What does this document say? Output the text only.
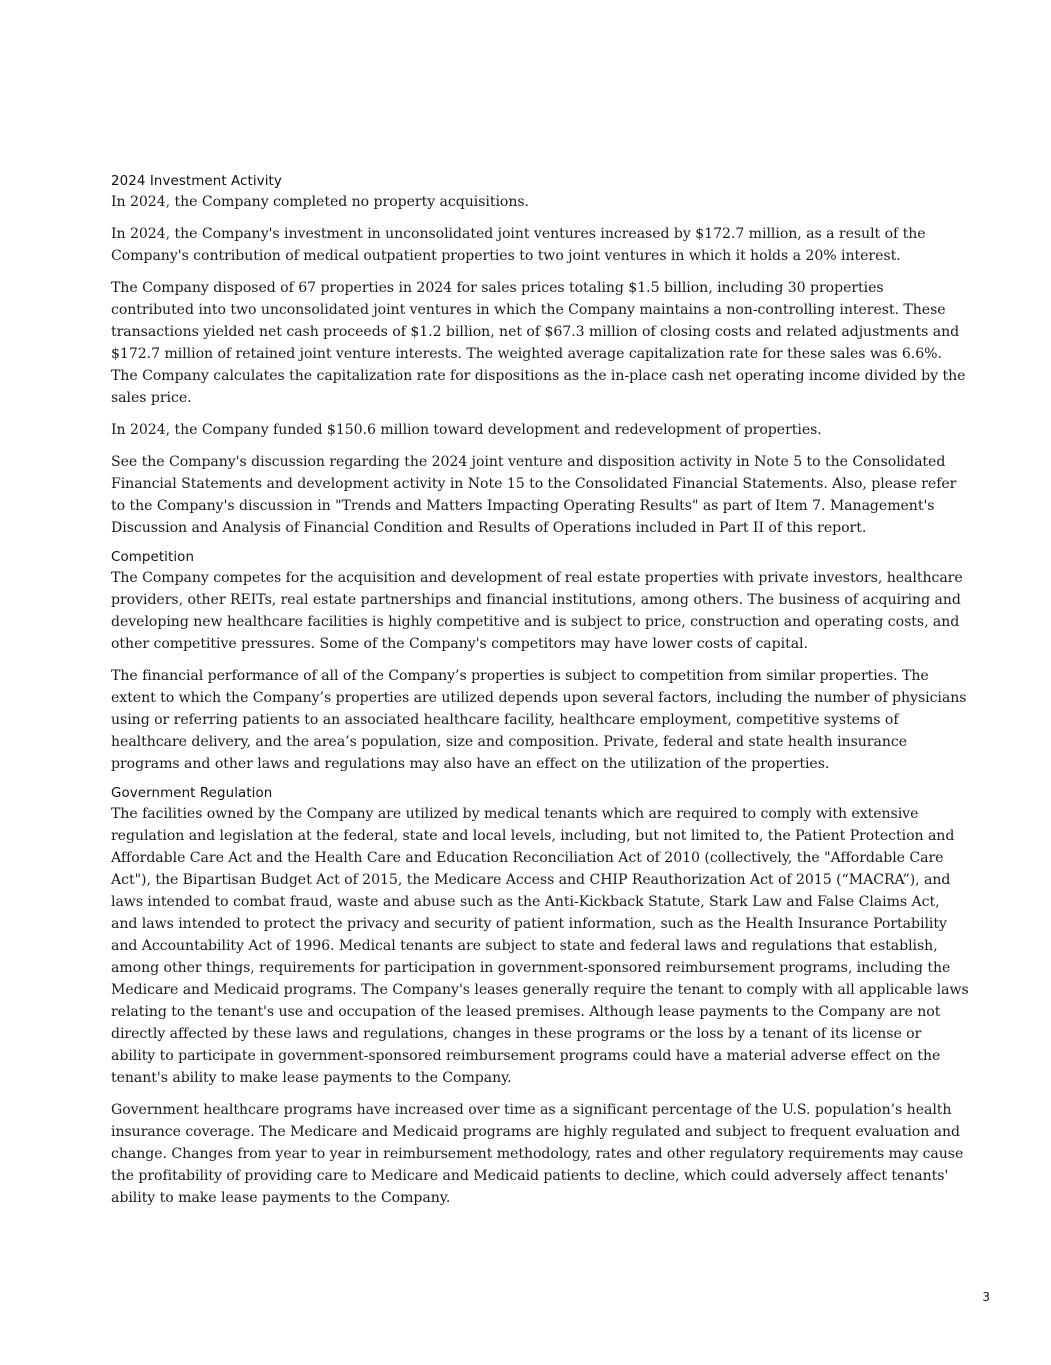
2024 Investment Activity

In 2024, the Company completed no property acquisitions.

In 2024, the Company's investment in unconsolidated joint ventures increased by $172.7 million, as a result of the Company's contribution of medical outpatient properties to two joint ventures in which it holds a 20% interest.

The Company disposed of 67 properties in 2024 for sales prices totaling $1.5 billion, including 30 properties contributed into two unconsolidated joint ventures in which the Company maintains a non-controlling interest. These transactions yielded net cash proceeds of $1.2 billion, net of $67.3 million of closing costs and related adjustments and $172.7 million of retained joint venture interests. The weighted average capitalization rate for these sales was 6.6%. The Company calculates the capitalization rate for dispositions as the in-place cash net operating income divided by the sales price.

In 2024, the Company funded $150.6 million toward development and redevelopment of properties.

See the Company's discussion regarding the 2024 joint venture and disposition activity in Note 5 to the Consolidated Financial Statements and development activity in Note 15 to the Consolidated Financial Statements. Also, please refer to the Company's discussion in "Trends and Matters Impacting Operating Results" as part of Item 7. Management's Discussion and Analysis of Financial Condition and Results of Operations included in Part II of this report.

Competition

The Company competes for the acquisition and development of real estate properties with private investors, healthcare providers, other REITs, real estate partnerships and financial institutions, among others. The business of acquiring and developing new healthcare facilities is highly competitive and is subject to price, construction and operating costs, and other competitive pressures. Some of the Company's competitors may have lower costs of capital.

The financial performance of all of the Company’s properties is subject to competition from similar properties. The extent to which the Company’s properties are utilized depends upon several factors, including the number of physicians using or referring patients to an associated healthcare facility, healthcare employment, competitive systems of healthcare delivery, and the area’s population, size and composition. Private, federal and state health insurance programs and other laws and regulations may also have an effect on the utilization of the properties.

Government Regulation

The facilities owned by the Company are utilized by medical tenants which are required to comply with extensive regulation and legislation at the federal, state and local levels, including, but not limited to, the Patient Protection and Affordable Care Act and the Health Care and Education Reconciliation Act of 2010 (collectively, the "Affordable Care Act"), the Bipartisan Budget Act of 2015, the Medicare Access and CHIP Reauthorization Act of 2015 (“MACRA”), and laws intended to combat fraud, waste and abuse such as the Anti-Kickback Statute, Stark Law and False Claims Act, and laws intended to protect the privacy and security of patient information, such as the Health Insurance Portability and Accountability Act of 1996. Medical tenants are subject to state and federal laws and regulations that establish, among other things, requirements for participation in government-sponsored reimbursement programs, including the Medicare and Medicaid programs. The Company's leases generally require the tenant to comply with all applicable laws relating to the tenant's use and occupation of the leased premises. Although lease payments to the Company are not directly affected by these laws and regulations, changes in these programs or the loss by a tenant of its license or ability to participate in government-sponsored reimbursement programs could have a material adverse effect on the tenant's ability to make lease payments to the Company.

Government healthcare programs have increased over time as a significant percentage of the U.S. population’s health insurance coverage. The Medicare and Medicaid programs are highly regulated and subject to frequent evaluation and change. Changes from year to year in reimbursement methodology, rates and other regulatory requirements may cause the profitability of providing care to Medicare and Medicaid patients to decline, which could adversely affect tenants' ability to make lease payments to the Company.

3
